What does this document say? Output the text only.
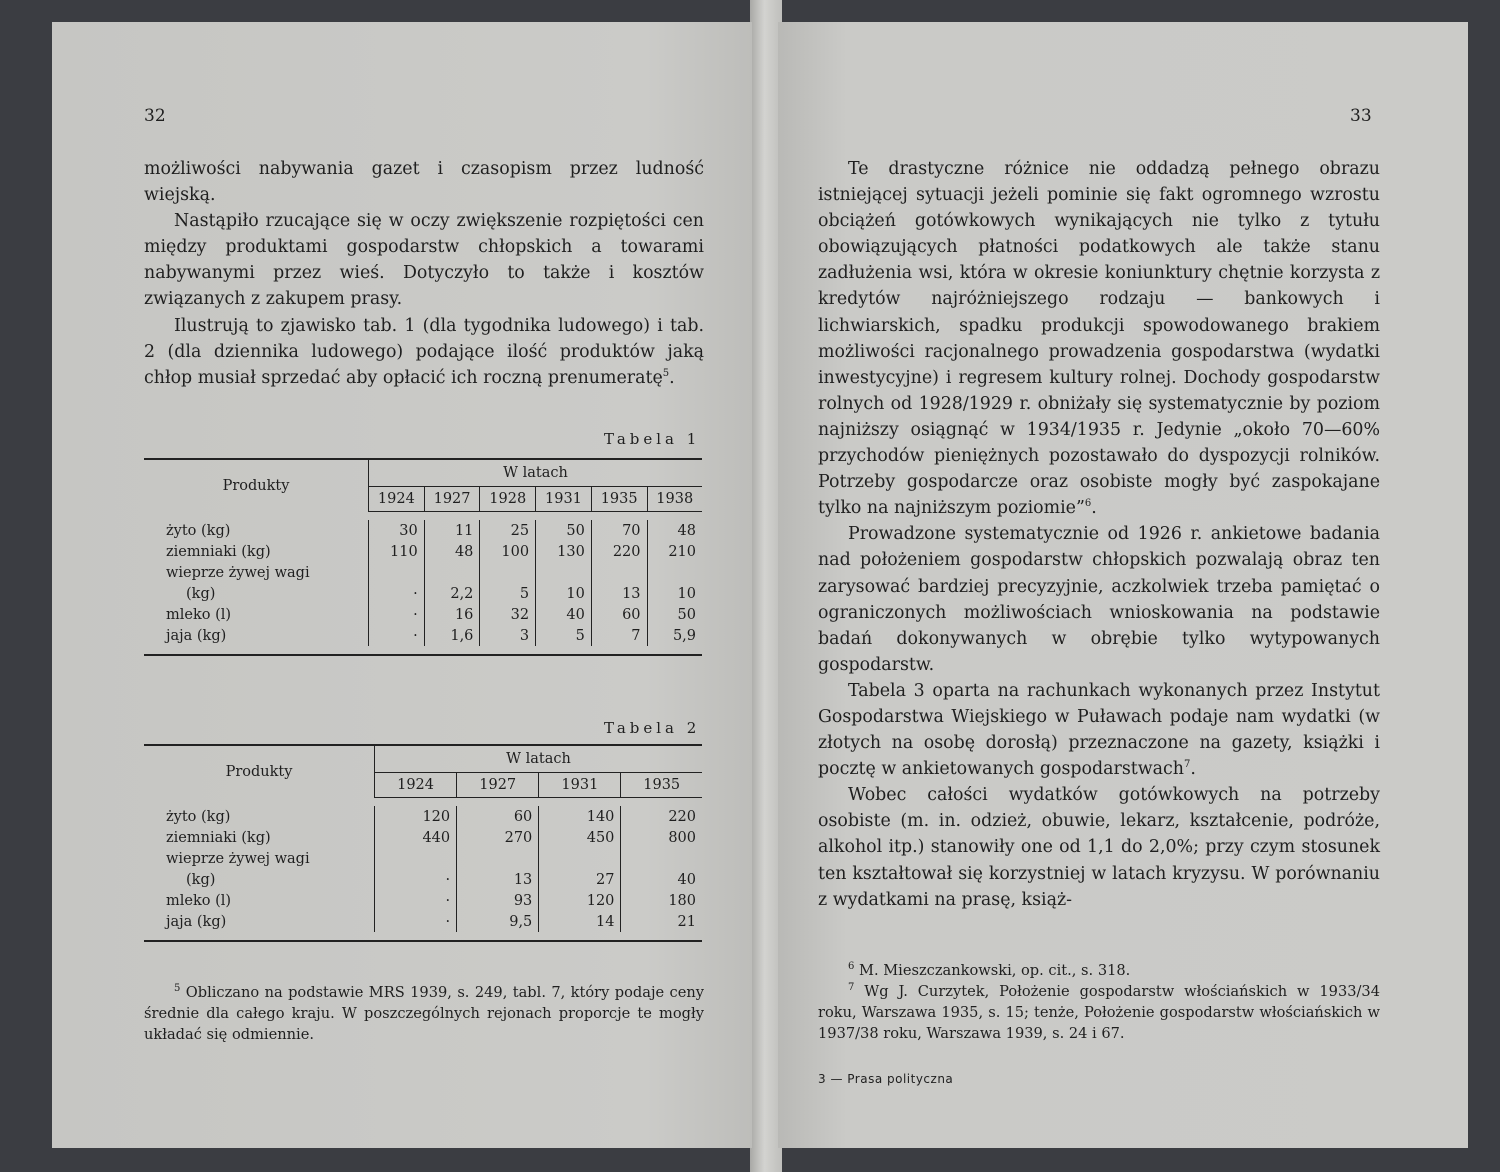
32

możliwości nabywania gazet i czasopism przez ludność wiejską.

Nastąpiło rzucające się w oczy zwiększenie rozpiętości cen między produktami gospodarstw chłopskich a towarami nabywanymi przez wieś. Dotyczyło to także i kosztów związanych z zakupem prasy.

Ilustrują to zjawisko tab. 1 (dla tygodnika ludowego) i tab. 2 (dla dziennika ludowego) podające ilość produktów jaką chłop musiał sprzedać aby opłacić ich roczną prenumeratę$^5$.

Tabela 1
Produkty	W latach					
	1924	1927	1928	1931	1935	1938

żyto (kg)	30	11	25	50	70	48
ziemniaki (kg)	110	48	100	130	220	210
wieprze żywej wagi						
(kg)	·	2,2	5	10	13	10
mleko (l)	·	16	32	40	60	50
jaja (kg)	·	1,6	3	5	7	5,9

Tabela 2
Produkty	W latach			
	1924	1927	1931	1935

żyto (kg)	120	60	140	220
ziemniaki (kg)	440	270	450	800
wieprze żywej wagi				
(kg)	·	13	27	40
mleko (l)	·	93	120	180
jaja (kg)	·	9,5	14	21

$^5$ Obliczano na podstawie MRS 1939, s. 249, tabl. 7, który podaje ceny średnie dla całego kraju. W poszczególnych rejonach proporcje te mogły układać się odmiennie.

33

Te drastyczne różnice nie oddadzą pełnego obrazu istniejącej sytuacji jeżeli pominie się fakt ogromnego wzrostu obciążeń gotówkowych wynikających nie tylko z tytułu obowiązujących płatności podatkowych ale także stanu zadłużenia wsi, która w okresie koniunktury chętnie korzysta z kredytów najróżniejszego rodzaju — bankowych i lichwiarskich, spadku produkcji spowodowanego brakiem możliwości racjonalnego prowadzenia gospodarstwa (wydatki inwestycyjne) i regresem kultury rolnej. Dochody gospodarstw rolnych od 1928/1929 r. obniżały się systematycznie by poziom najniższy osiągnąć w 1934/1935 r. Jedynie „około 70—60% przychodów pieniężnych pozostawało do dyspozycji rolników. Potrzeby gospodarcze oraz osobiste mogły być zaspokajane tylko na najniższym poziomie”$^6$.

Prowadzone systematycznie od 1926 r. ankietowe badania nad położeniem gospodarstw chłopskich pozwalają obraz ten zarysować bardziej precyzyjnie, aczkolwiek trzeba pamiętać o ograniczonych możliwościach wnioskowania na podstawie badań dokonywanych w obrębie tylko wytypowanych gospodarstw.

Tabela 3 oparta na rachunkach wykonanych przez Instytut Gospodarstwa Wiejskiego w Puławach podaje nam wydatki (w złotych na osobę dorosłą) przeznaczone na gazety, książki i pocztę w ankietowanych gospodarstwach$^7$.

Wobec całości wydatków gotówkowych na potrzeby osobiste (m. in. odzież, obuwie, lekarz, kształcenie, podróże, alkohol itp.) stanowiły one od 1,1 do 2,0%; przy czym stosunek ten kształtował się korzystniej w latach kryzysu. W porównaniu z wydatkami na prasę, książ-

$^6$ M. Mieszczankowski, op. cit., s. 318.

$^7$ Wg J. Curzytek, Położenie gospodarstw włościańskich w 1933/34 roku, Warszawa 1935, s. 15; tenże, Położenie gospodarstw włościańskich w 1937/38 roku, Warszawa 1939, s. 24 i 67.

3 — Prasa polityczna
